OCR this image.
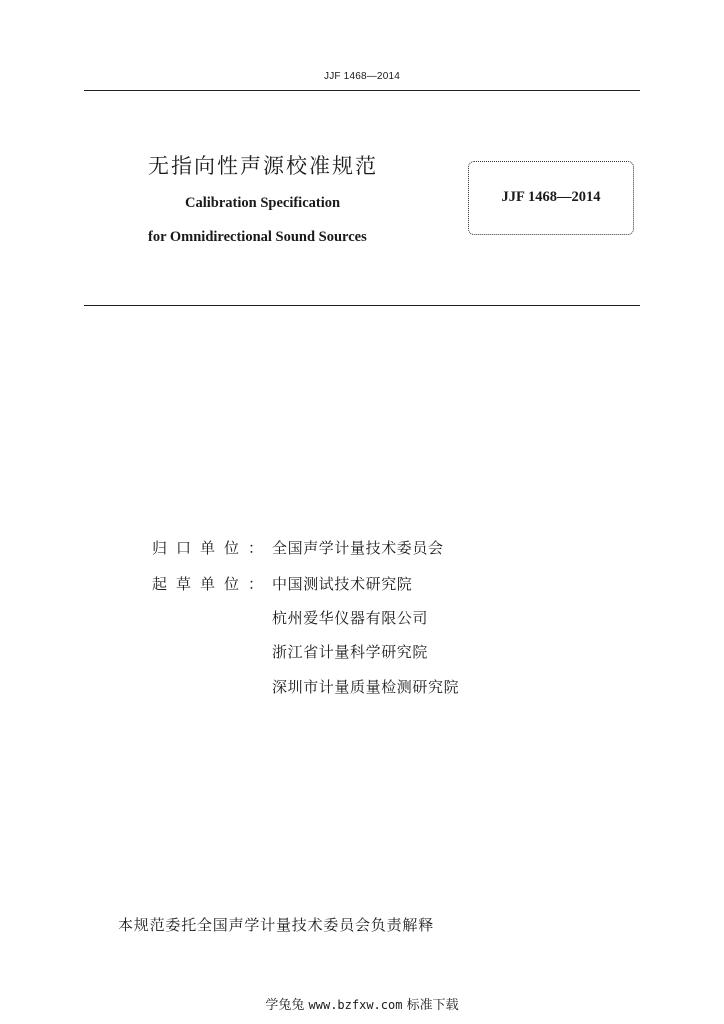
JJF 1468—2014
无指向性声源校准规范
Calibration Specification
for Omnidirectional Sound Sources
JJF 1468—2014
归口单位： 全国声学计量技术委员会
起草单位： 中国测试技术研究院
杭州爱华仪器有限公司
浙江省计量科学研究院
深圳市计量质量检测研究院
本规范委托全国声学计量技术委员会负责解释
学兔兔 www.bzfxw.com 标准下载
